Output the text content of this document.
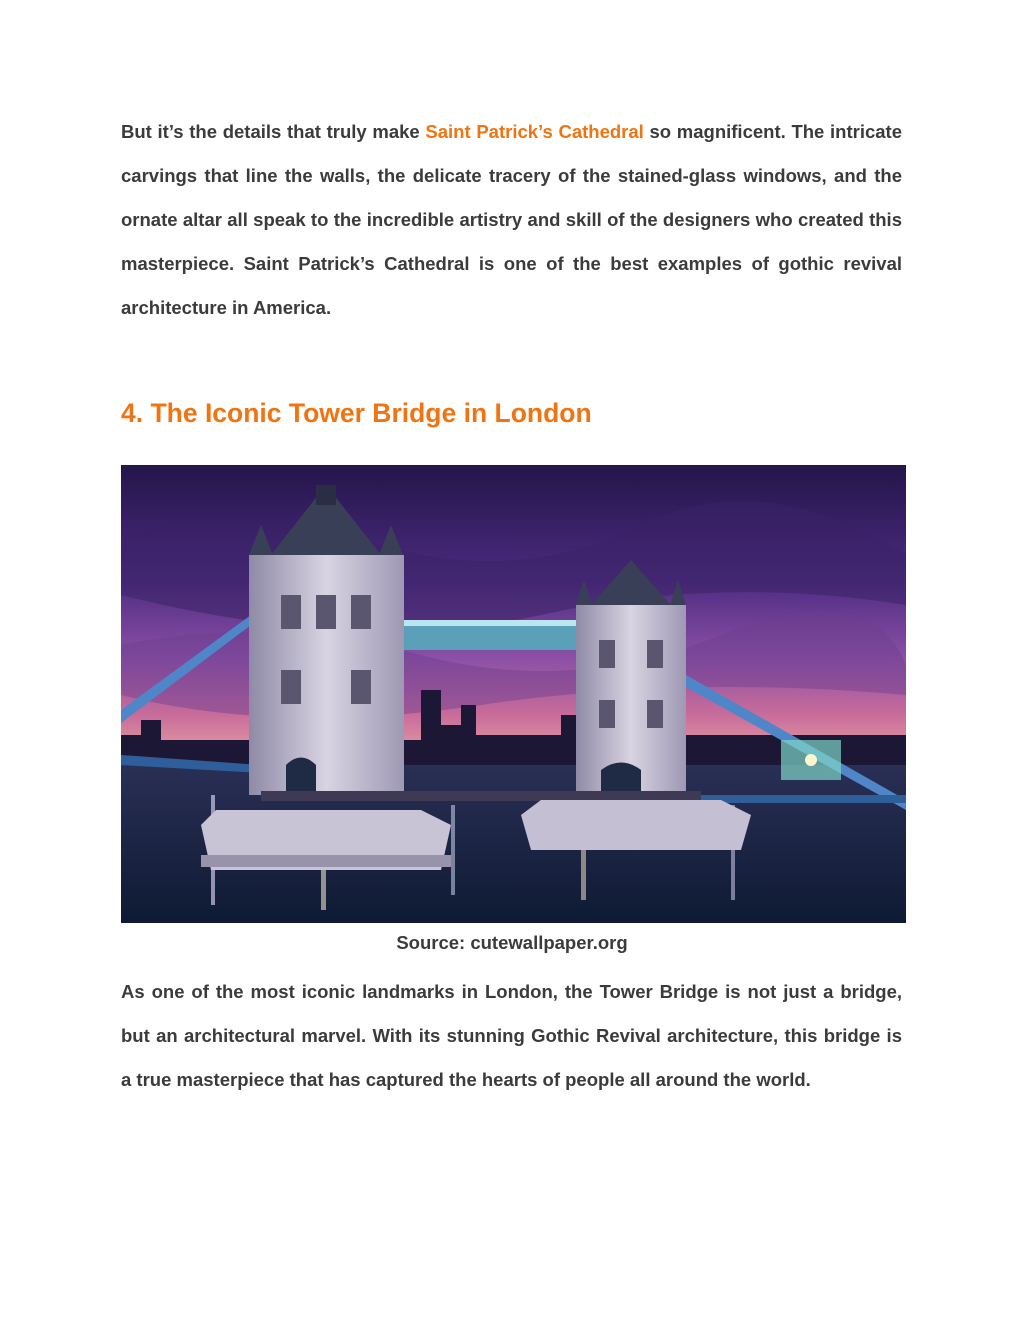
But it’s the details that truly make Saint Patrick’s Cathedral so magnificent. The intricate carvings that line the walls, the delicate tracery of the stained-glass windows, and the ornate altar all speak to the incredible artistry and skill of the designers who created this masterpiece. Saint Patrick’s Cathedral is one of the best examples of gothic revival architecture in America.

4. The Iconic Tower Bridge in London

Source: cutewallpaper.org

As one of the most iconic landmarks in London, the Tower Bridge is not just a bridge, but an architectural marvel. With its stunning Gothic Revival architecture, this bridge is a true masterpiece that has captured the hearts of people all around the world.
